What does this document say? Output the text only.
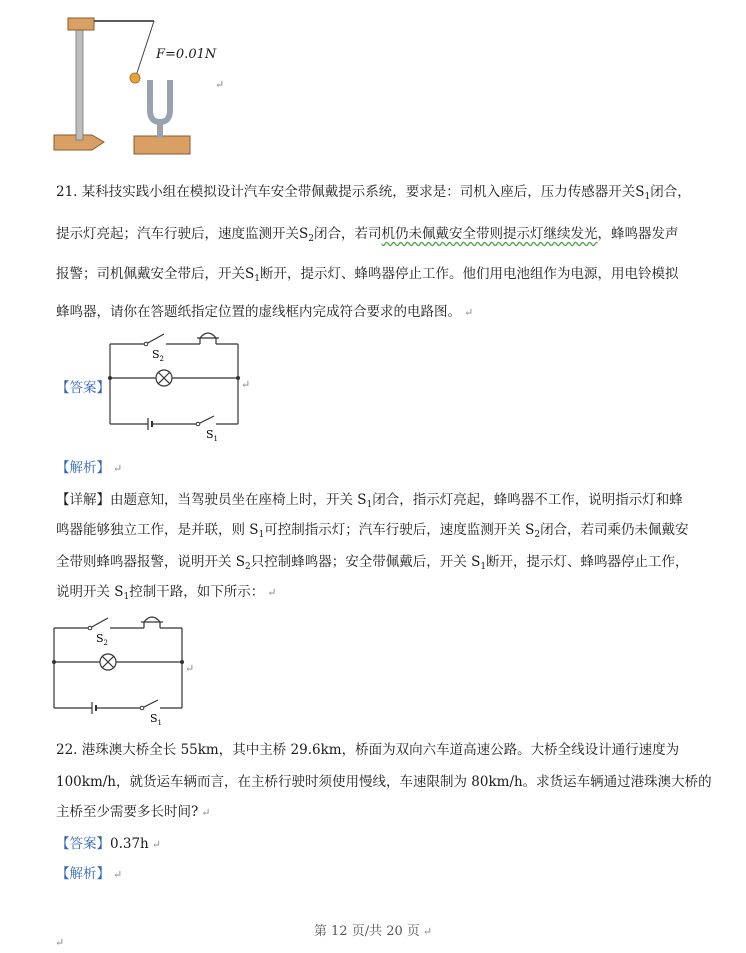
F=0.01N
↵
21. 某科技实践小组在模拟设计汽车安全带佩戴提示系统，要求是：司机入座后，压力传感器开关$S_1$闭合，
提示灯亮起；汽车行驶后，速度监测开关$S_2$闭合，若司机仍未佩戴安全带则提示灯继续发光，蜂鸣器发声
报警；司机佩戴安全带后，开关$S_1$断开，提示灯、蜂鸣器停止工作。他们用电池组作为电源，用电铃模拟
蜂鸣器，请你在答题纸指定位置的虚线框内完成符合要求的电路图。 ↵
【答案】
$S_2$
$S_1$
↵
【解析】 ↵
【详解】由题意知，当驾驶员坐在座椅上时，开关 $S_1$闭合，指示灯亮起，蜂鸣器不工作，说明指示灯和蜂
鸣器能够独立工作，是并联，则 $S_1$可控制指示灯；汽车行驶后，速度监测开关 $S_2$闭合，若司乘仍未佩戴安
全带则蜂鸣器报警，说明开关 $S_2$只控制蜂鸣器；安全带佩戴后，开关 $S_1$断开，提示灯、蜂鸣器停止工作，
说明开关 $S_1$控制干路，如下所示： ↵
$S_2$
$S_1$
↵
22. 港珠澳大桥全长 55km，其中主桥 29.6km，桥面为双向六车道高速公路。大桥全线设计通行速度为
100km/h，就货运车辆而言，在主桥行驶时须使用慢线，车速限制为 80km/h。求货运车辆通过港珠澳大桥的
主桥至少需要多长时间? ↵
【答案】0.37h ↵
【解析】 ↵
第 12 页/共 20 页 ↵
↵
